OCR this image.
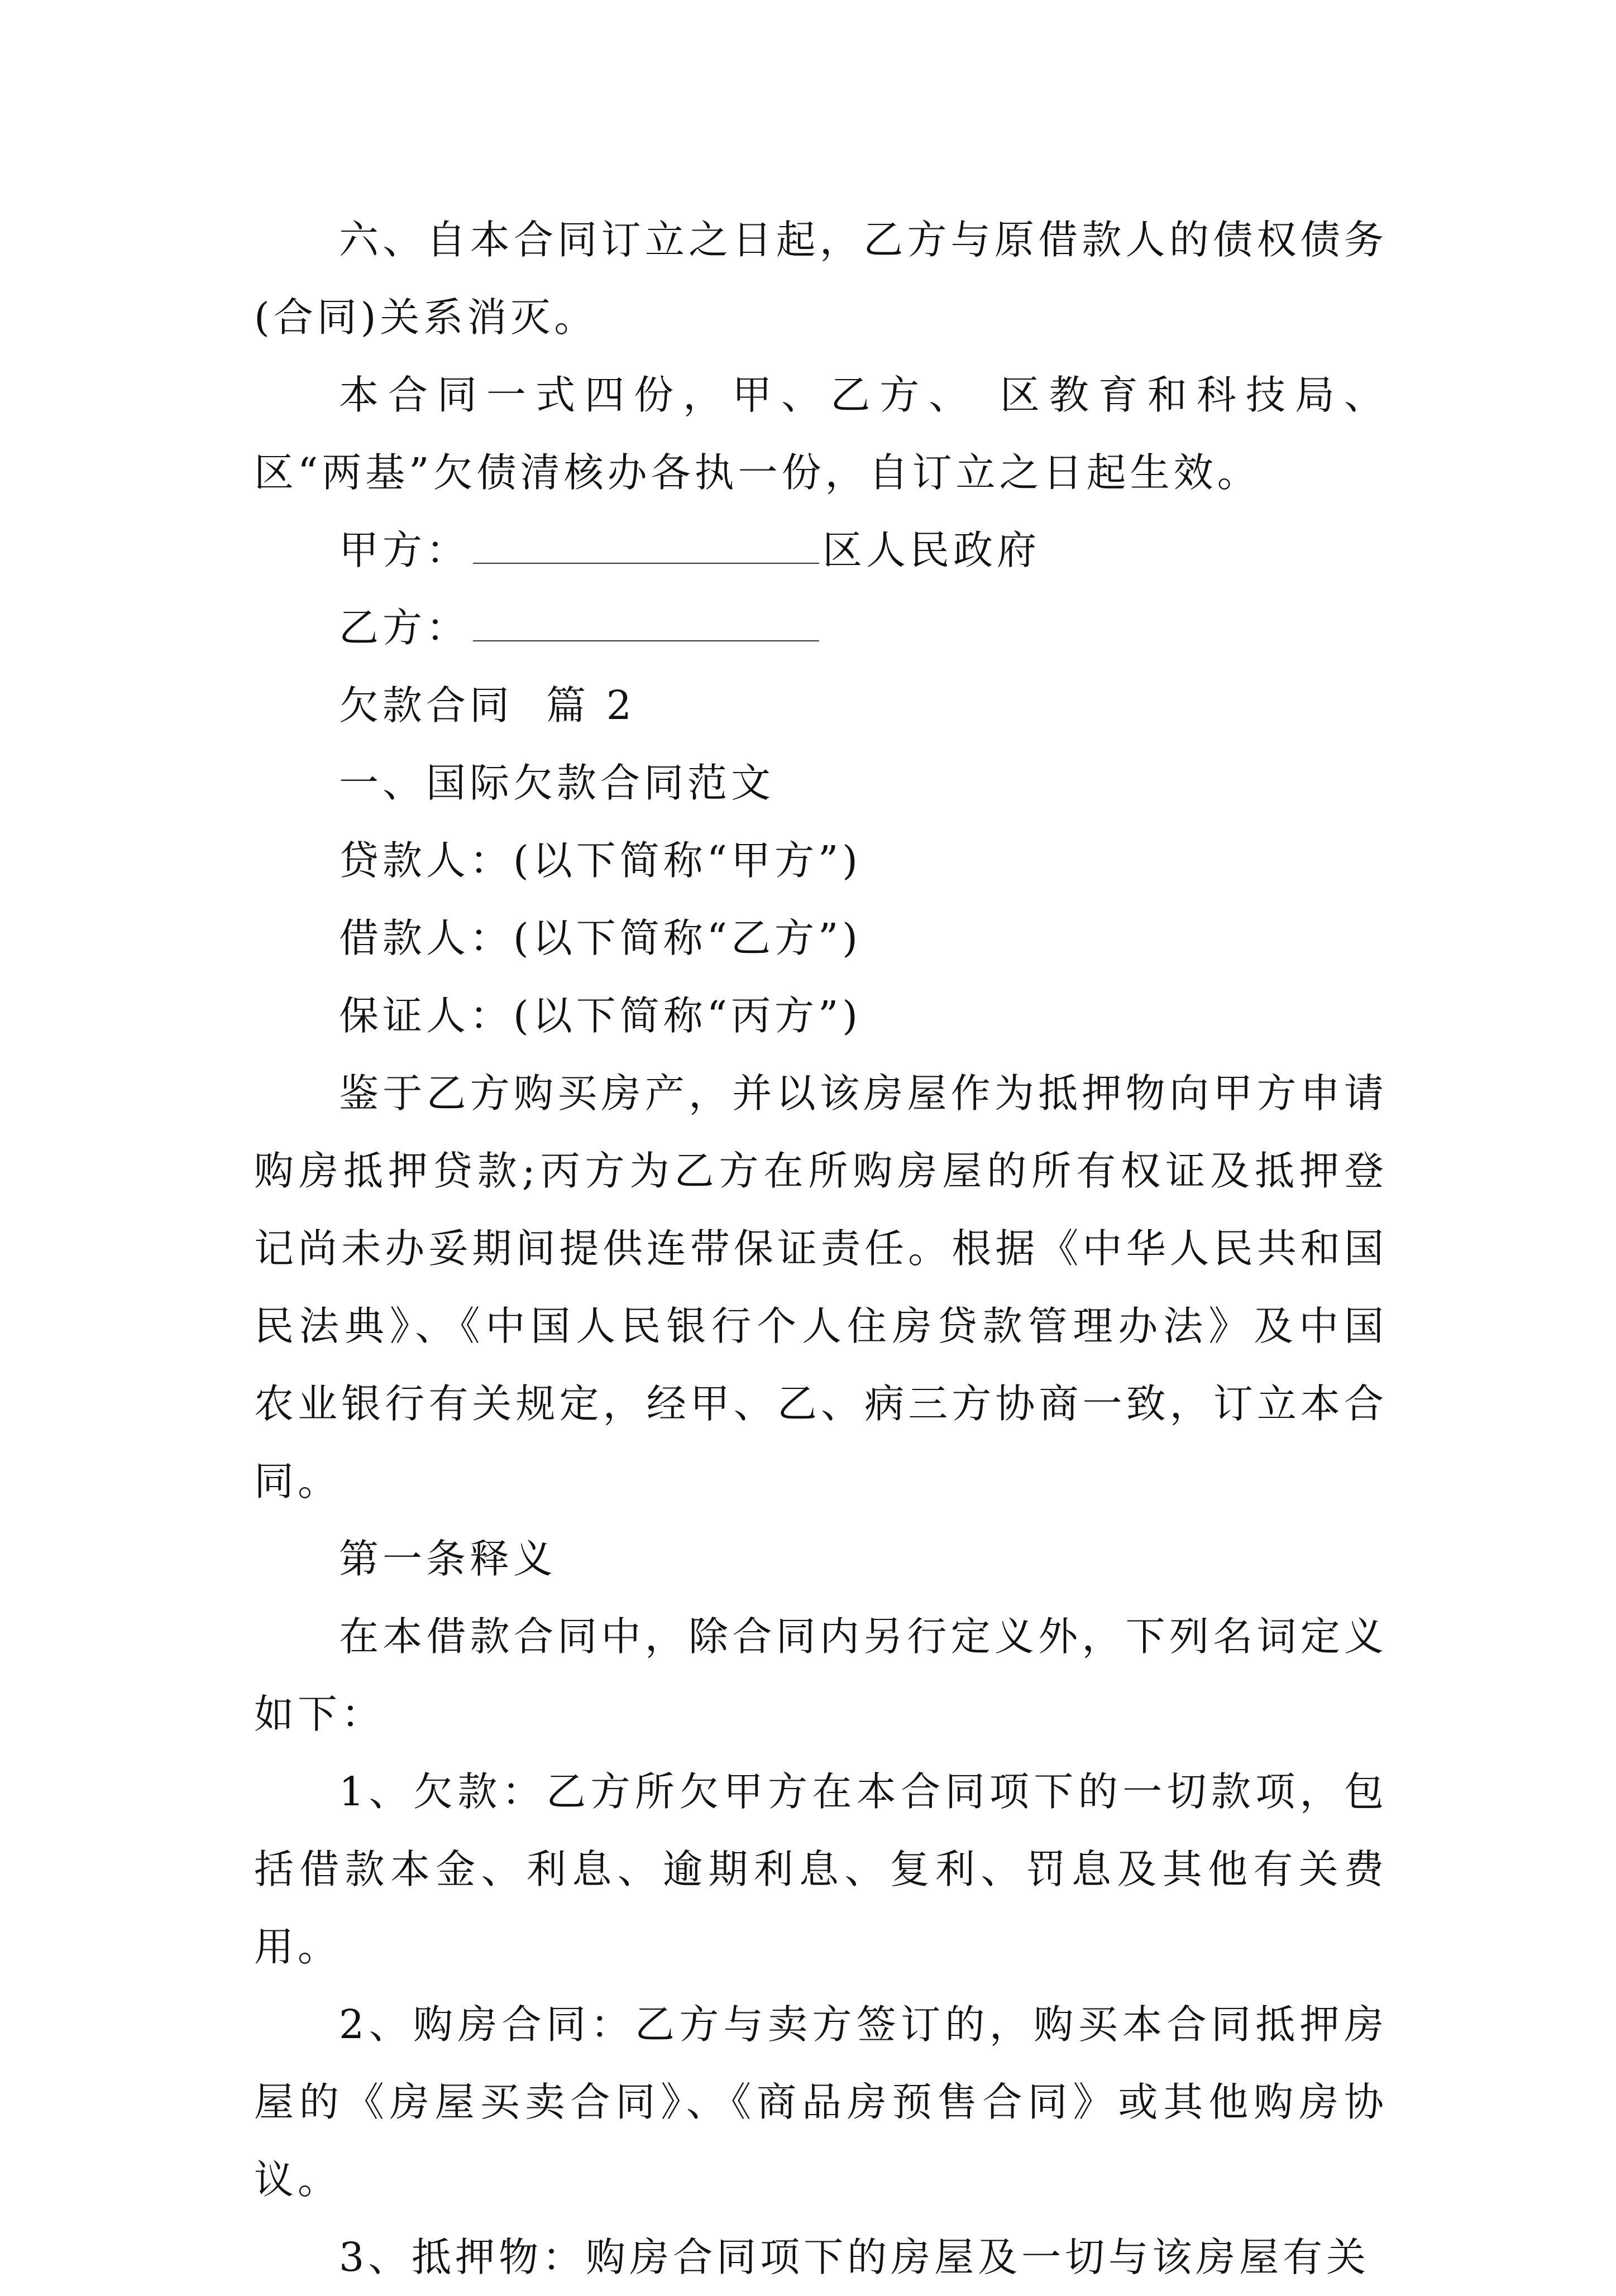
六、自本合同订立之日起，乙方与原借款人的债权债务(合同)关系消灭。

本合同一式四份，甲、乙方、 区教育和科技局、 区“两基”欠债清核办各执一份，自订立之日起生效。

甲方：	区人民政府

乙方：

欠款合同  篇 2

一、国际欠款合同范文

贷款人：(以下简称“甲方”)

借款人：(以下简称“乙方”)

保证人：(以下简称“丙方”)

鉴于乙方购买房产，并以该房屋作为抵押物向甲方申请购房抵押贷款;丙方为乙方在所购房屋的所有权证及抵押登记尚未办妥期间提供连带保证责任。根据《中华人民共和国民法典》、《中国人民银行个人住房贷款管理办法》及中国农业银行有关规定，经甲、乙、病三方协商一致，订立本合同。

第一条释义

在本借款合同中，除合同内另行定义外，下列名词定义如下：

1、欠款：乙方所欠甲方在本合同项下的一切款项，包括借款本金、利息、逾期利息、复利、罚息及其他有关费用。

2、购房合同：乙方与卖方签订的，购买本合同抵押房屋的《房屋买卖合同》、《商品房预售合同》或其他购房协议。

3、抵押物：购房合同项下的房屋及一切与该房屋有关
